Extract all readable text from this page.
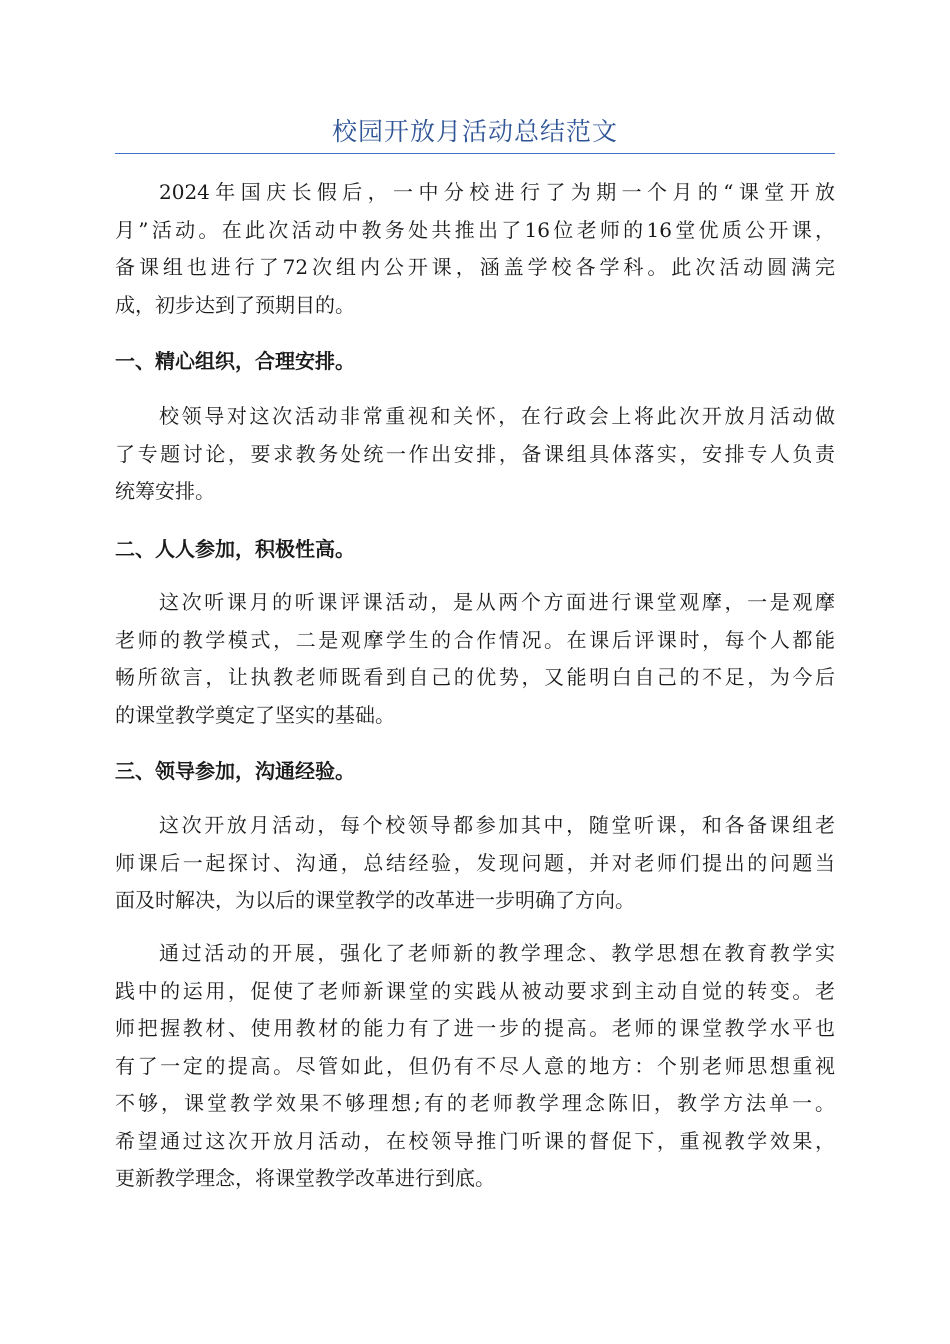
校园开放月活动总结范文
2024年国庆长假后，一中分校进行了为期一个月的“课堂开放
月”活动。在此次活动中教务处共推出了16位老师的16堂优质公开课，
备课组也进行了72次组内公开课，涵盖学校各学科。此次活动圆满完
成，初步达到了预期目的。
一、精心组织，合理安排。
校领导对这次活动非常重视和关怀，在行政会上将此次开放月活动做
了专题讨论，要求教务处统一作出安排，备课组具体落实，安排专人负责
统筹安排。
二、人人参加，积极性高。
这次听课月的听课评课活动，是从两个方面进行课堂观摩，一是观摩
老师的教学模式，二是观摩学生的合作情况。在课后评课时，每个人都能
畅所欲言，让执教老师既看到自己的优势，又能明白自己的不足，为今后
的课堂教学奠定了坚实的基础。
三、领导参加，沟通经验。
这次开放月活动，每个校领导都参加其中，随堂听课，和各备课组老
师课后一起探讨、沟通，总结经验，发现问题，并对老师们提出的问题当
面及时解决，为以后的课堂教学的改革进一步明确了方向。
通过活动的开展，强化了老师新的教学理念、教学思想在教育教学实
践中的运用，促使了老师新课堂的实践从被动要求到主动自觉的转变。老
师把握教材、使用教材的能力有了进一步的提高。老师的课堂教学水平也
有了一定的提高。尽管如此，但仍有不尽人意的地方：个别老师思想重视
不够，课堂教学效果不够理想;有的老师教学理念陈旧，教学方法单一。
希望通过这次开放月活动，在校领导推门听课的督促下，重视教学效果，
更新教学理念，将课堂教学改革进行到底。
